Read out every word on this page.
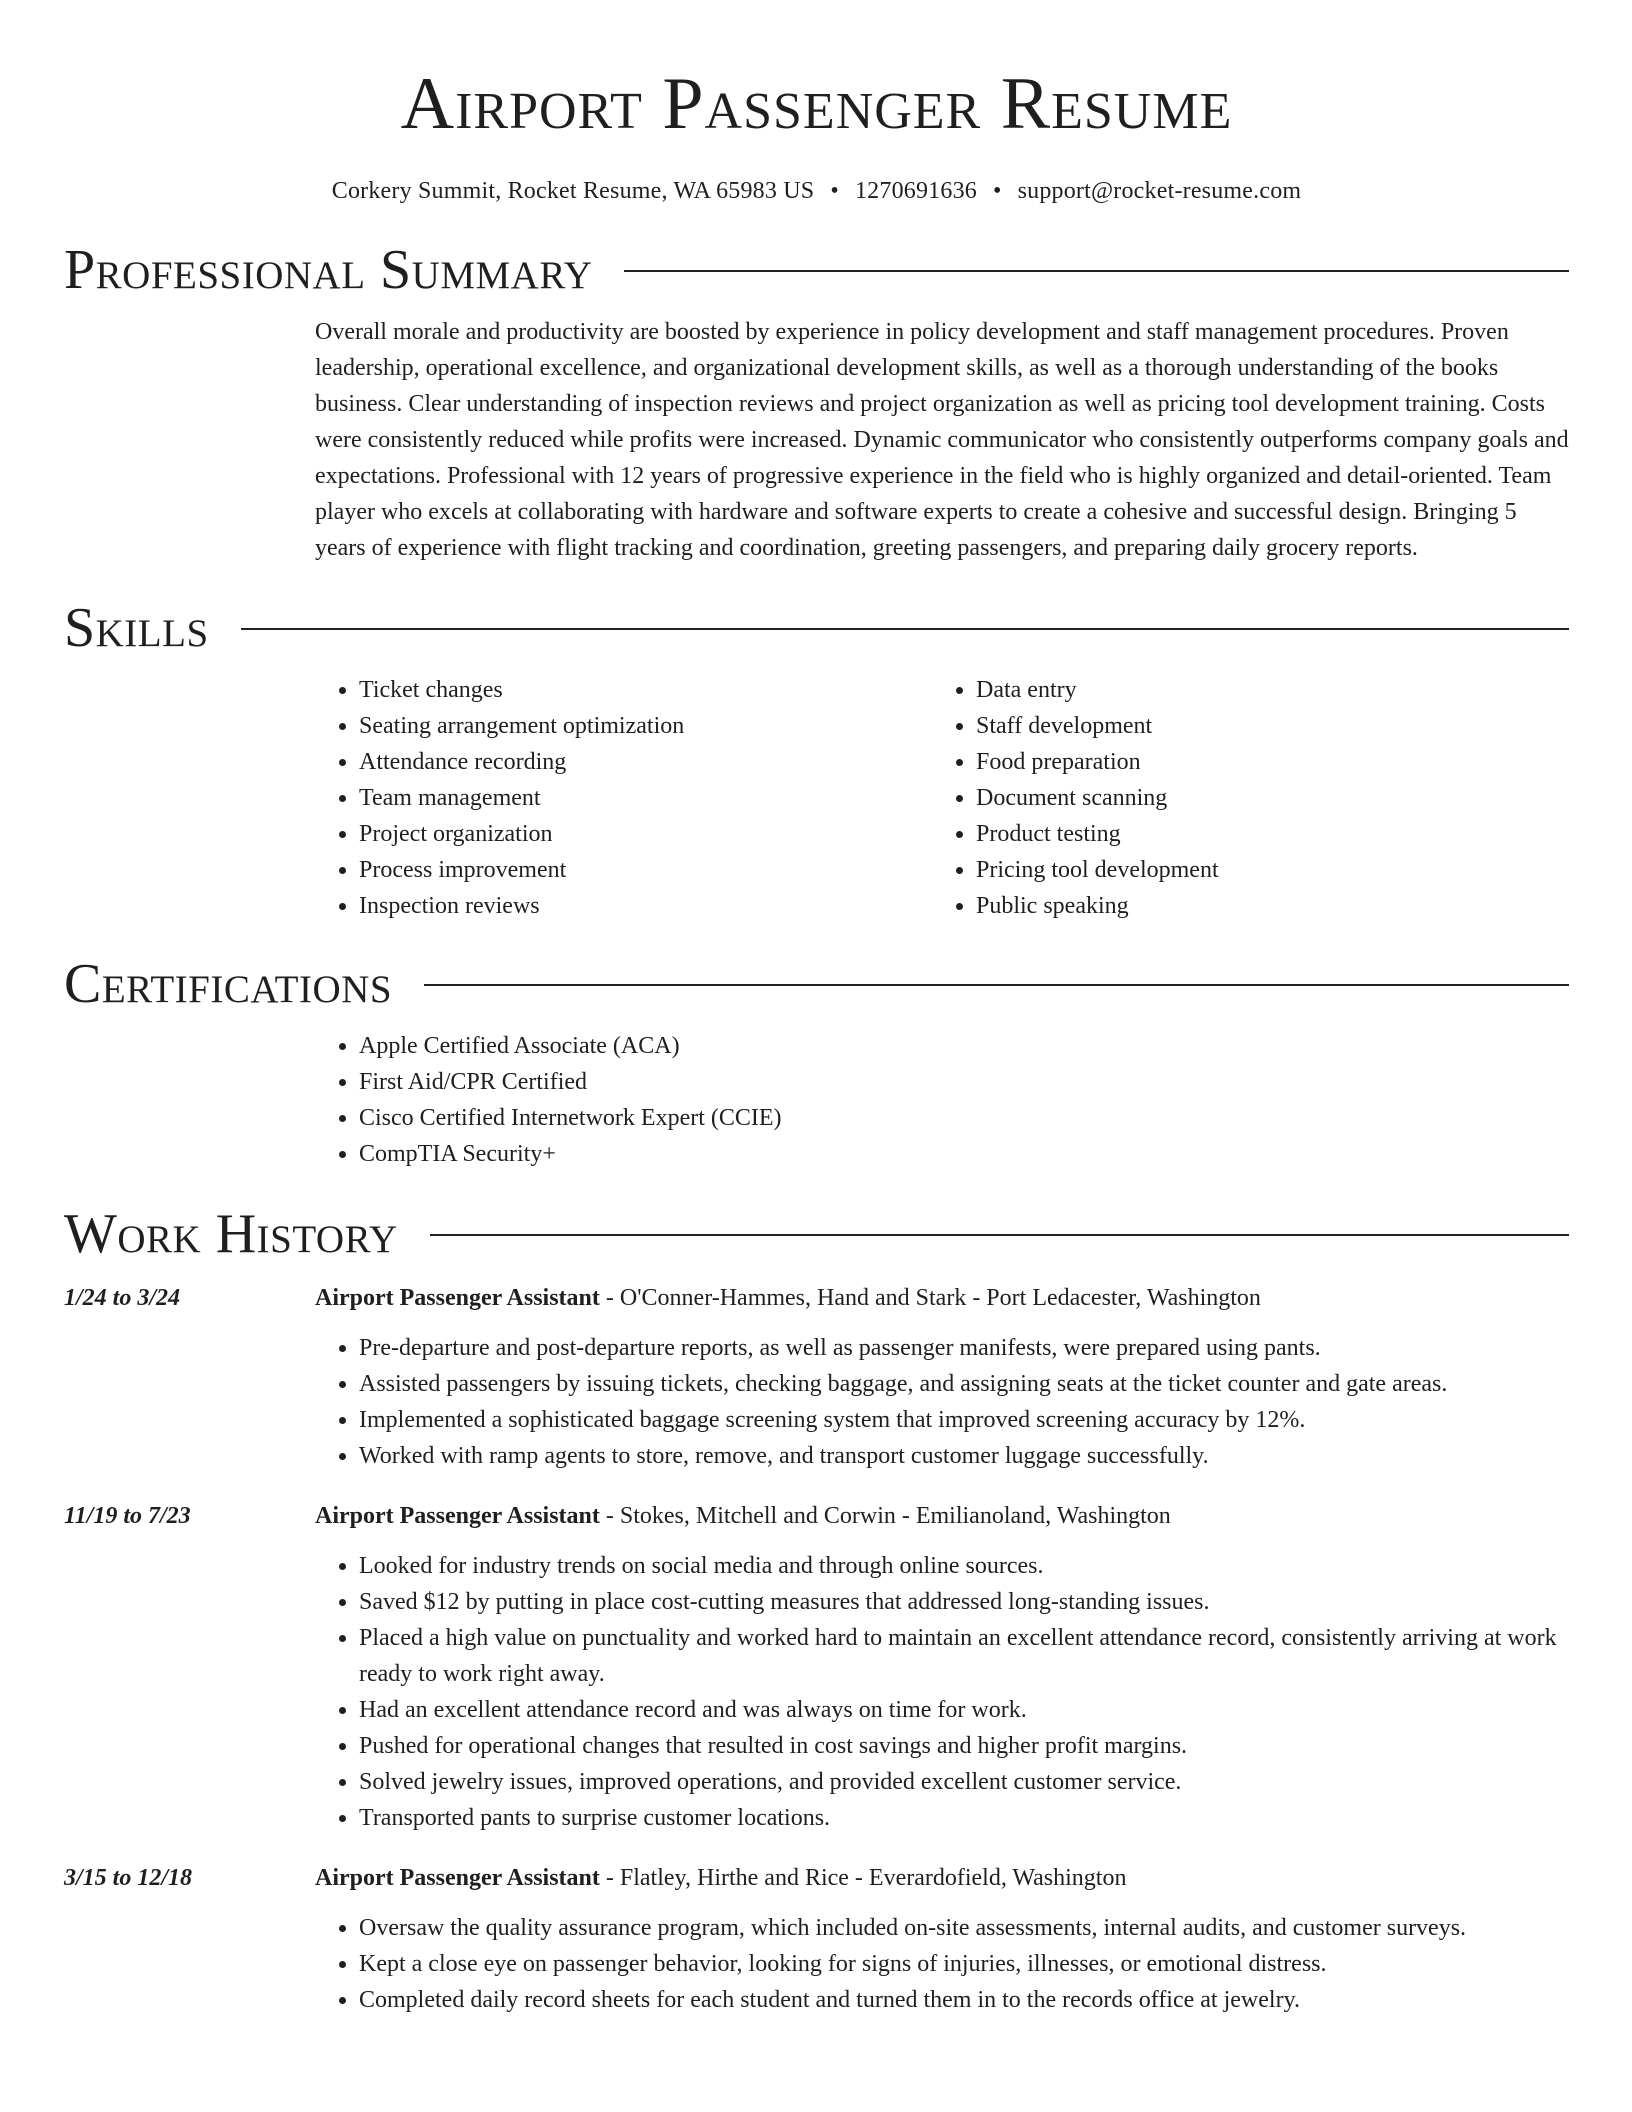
Airport Passenger Resume
Corkery Summit, Rocket Resume, WA 65983 US • 1270691636 • support@rocket-resume.com
Professional Summary
Overall morale and productivity are boosted by experience in policy development and staff management procedures. Proven leadership, operational excellence, and organizational development skills, as well as a thorough understanding of the books business. Clear understanding of inspection reviews and project organization as well as pricing tool development training. Costs were consistently reduced while profits were increased. Dynamic communicator who consistently outperforms company goals and expectations. Professional with 12 years of progressive experience in the field who is highly organized and detail-oriented. Team player who excels at collaborating with hardware and software experts to create a cohesive and successful design. Bringing 5 years of experience with flight tracking and coordination, greeting passengers, and preparing daily grocery reports.
Skills
• Ticket changes
• Seating arrangement optimization
• Attendance recording
• Team management
• Project organization
• Process improvement
• Inspection reviews
• Data entry
• Staff development
• Food preparation
• Document scanning
• Product testing
• Pricing tool development
• Public speaking
Certifications
• Apple Certified Associate (ACA)
• First Aid/CPR Certified
• Cisco Certified Internetwork Expert (CCIE)
• CompTIA Security+
Work History
1/24 to 3/24	Airport Passenger Assistant - O'Conner-Hammes, Hand and Stark - Port Ledacester, Washington
• Pre-departure and post-departure reports, as well as passenger manifests, were prepared using pants.
• Assisted passengers by issuing tickets, checking baggage, and assigning seats at the ticket counter and gate areas.
• Implemented a sophisticated baggage screening system that improved screening accuracy by 12%.
• Worked with ramp agents to store, remove, and transport customer luggage successfully.
11/19 to 7/23	Airport Passenger Assistant - Stokes, Mitchell and Corwin - Emilianoland, Washington
• Looked for industry trends on social media and through online sources.
• Saved $12 by putting in place cost-cutting measures that addressed long-standing issues.
• Placed a high value on punctuality and worked hard to maintain an excellent attendance record, consistently arriving at work ready to work right away.
• Had an excellent attendance record and was always on time for work.
• Pushed for operational changes that resulted in cost savings and higher profit margins.
• Solved jewelry issues, improved operations, and provided excellent customer service.
• Transported pants to surprise customer locations.
3/15 to 12/18	Airport Passenger Assistant - Flatley, Hirthe and Rice - Everardofield, Washington
• Oversaw the quality assurance program, which included on-site assessments, internal audits, and customer surveys.
• Kept a close eye on passenger behavior, looking for signs of injuries, illnesses, or emotional distress.
• Completed daily record sheets for each student and turned them in to the records office at jewelry.
